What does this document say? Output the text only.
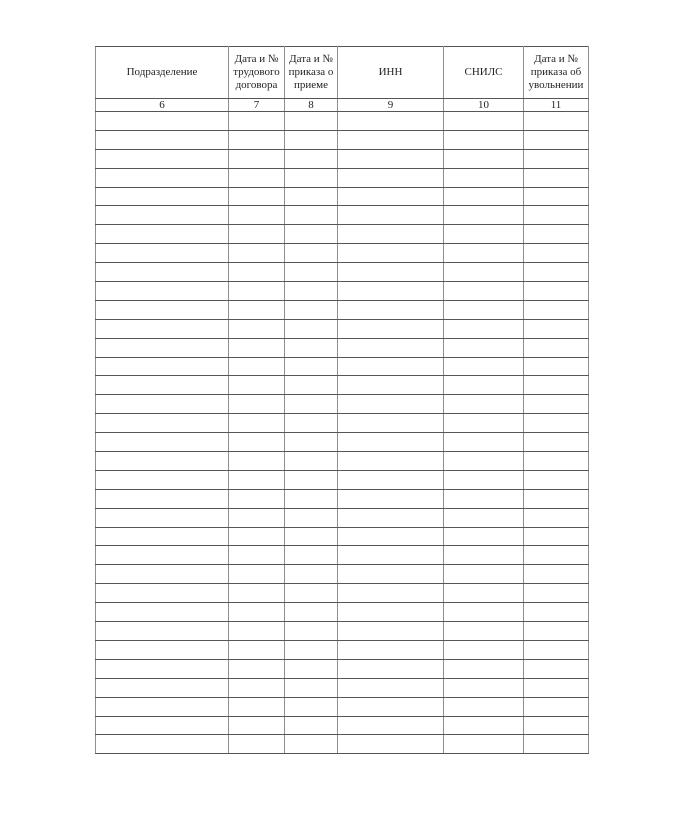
Подразделение	Дата и № трудового договора	Дата и № приказа о приеме	ИНН	СНИЛС	Дата и № приказа об увольнении
6	7	8	9	10	11
